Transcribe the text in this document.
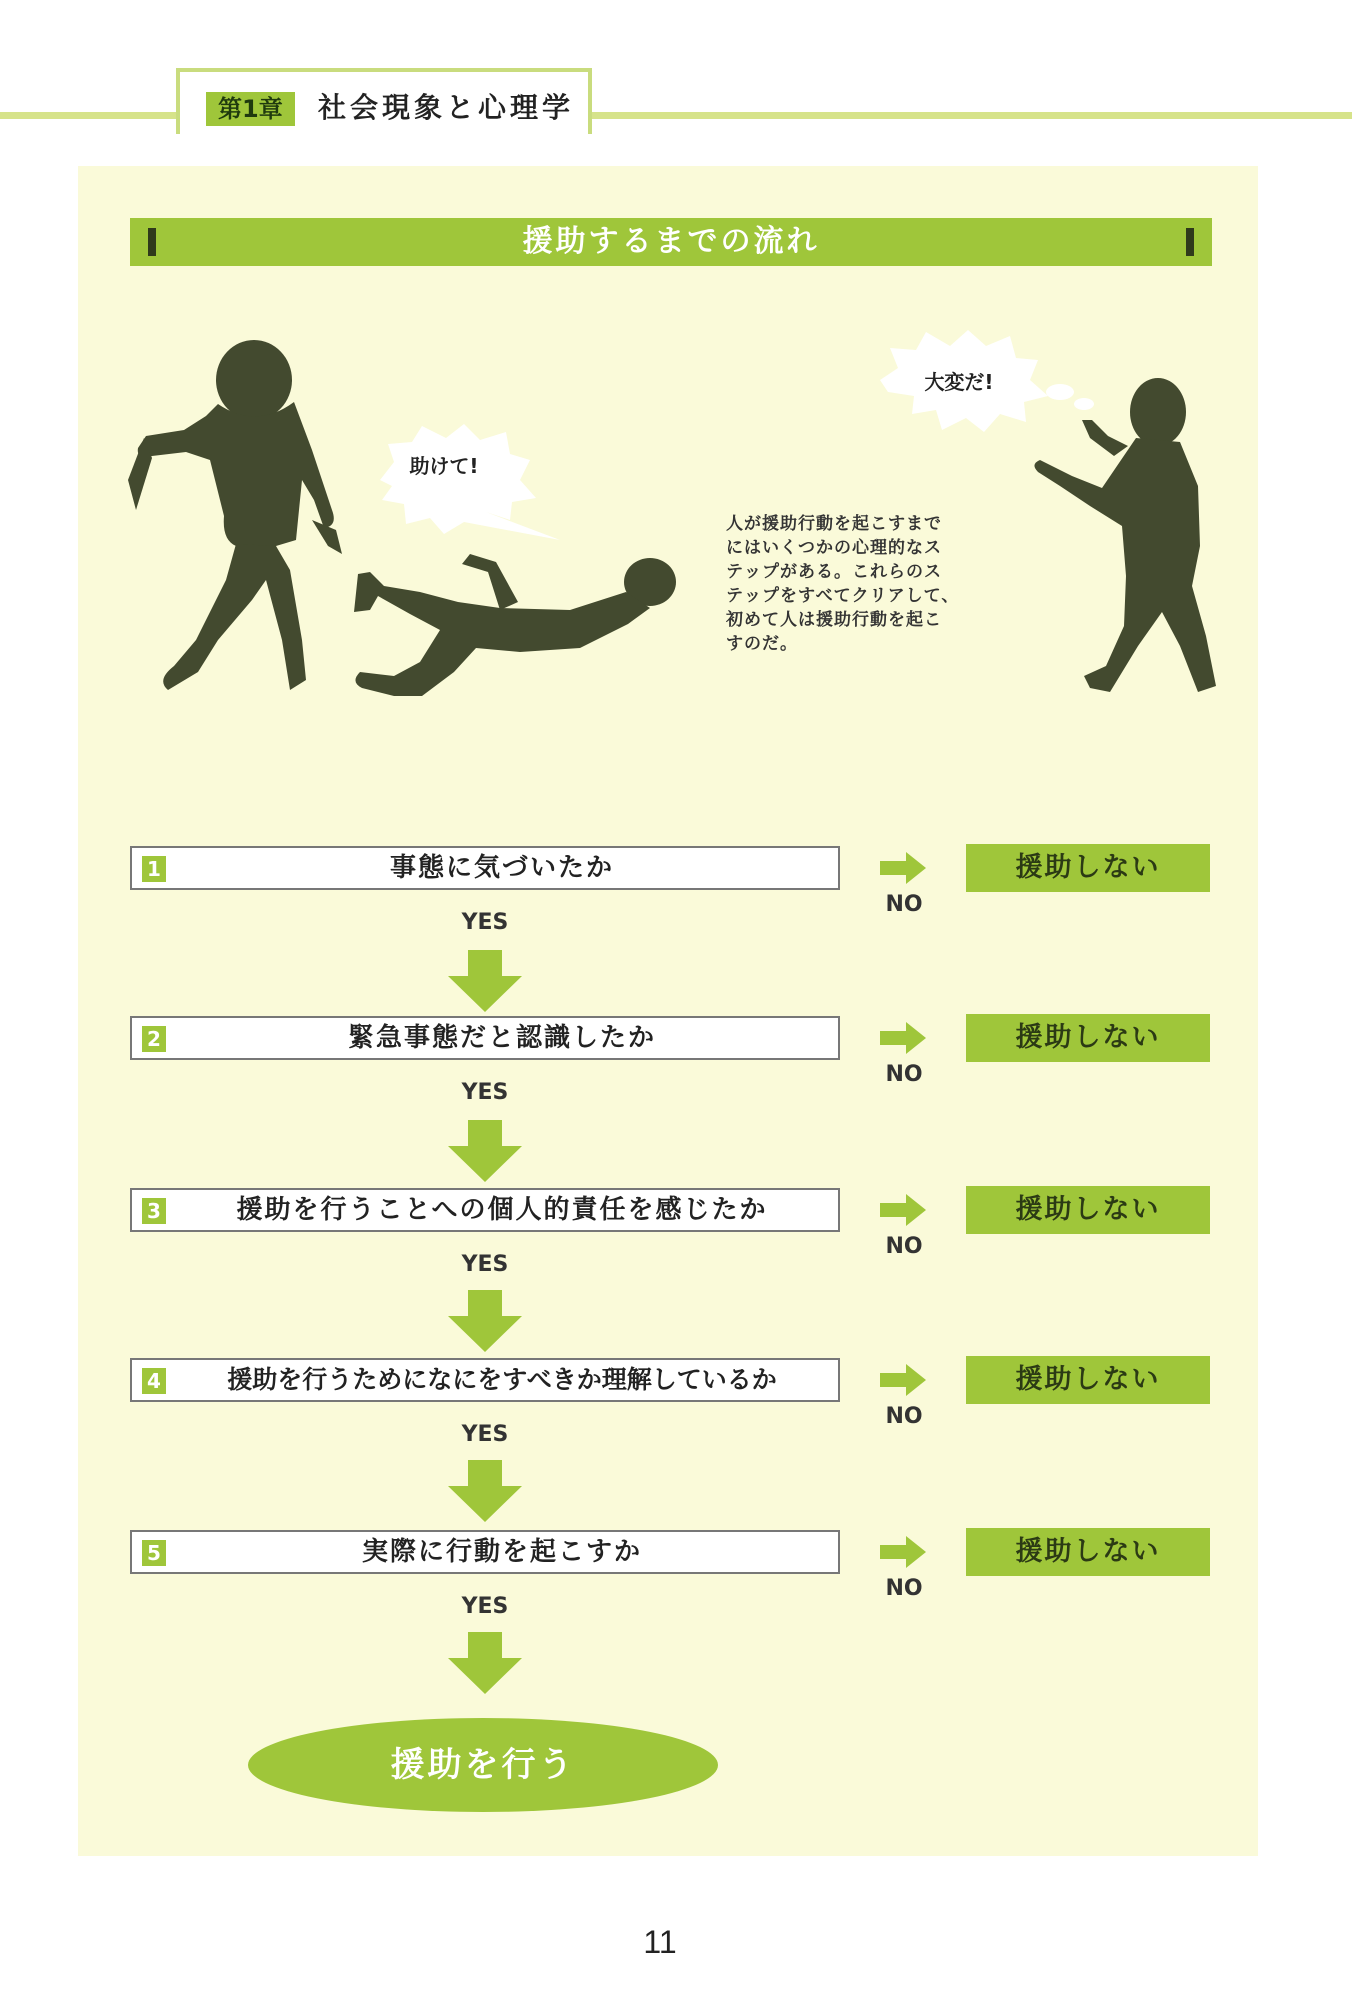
第1章	社会現象と心理学
援助するまでの流れ
助けて!
大変だ!
人が援助行動を起こすまで
にはいくつかの心理的なス
テップがある。これらのス
テップをすべてクリアして、
初めて人は援助行動を起こ
すのだ。
1	事態に気づいたか
YES
NO
援助しない
2	緊急事態だと認識したか
YES
NO
援助しない
3	援助を行うことへの個人的責任を感じたか
YES
NO
援助しない
4	援助を行うためになにをすべきか理解しているか
YES
NO
援助しない
5	実際に行動を起こすか
YES
NO
援助しない
援助を行う
11
